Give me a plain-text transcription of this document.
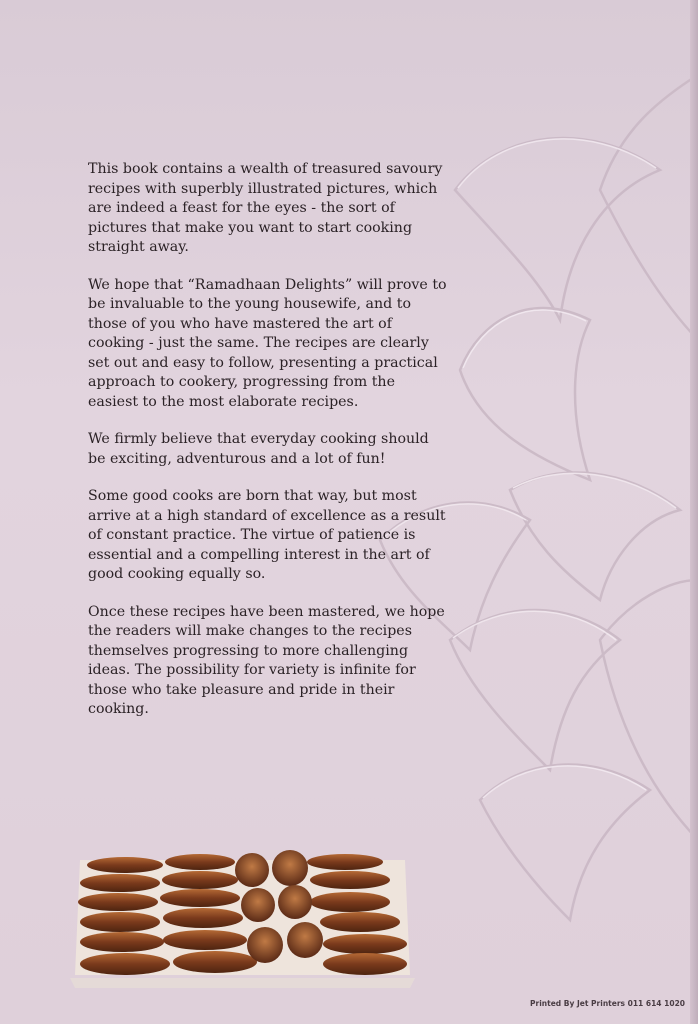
This book contains a wealth of treasured savoury recipes with superbly illustrated pictures, which are indeed a feast for the eyes - the sort of pictures that make you want to start cooking straight away.

We hope that “Ramadhaan Delights” will prove to be invaluable to the young housewife, and to those of you who have mastered the art of cooking - just the same. The recipes are clearly set out and easy to follow, presenting a practical approach to cookery, progressing from the easiest to the most elaborate recipes.

We firmly believe that everyday cooking should be exciting, adventurous and a lot of fun!

Some good cooks are born that way, but most arrive at a high standard of excellence as a result of constant practice. The virtue of patience is essential and a compelling interest in the art of good cooking equally so.

Once these recipes have been mastered, we hope the readers will make changes to the recipes themselves progressing to more challenging ideas. The possibility for variety is infinite for those who take pleasure and pride in their cooking.

Printed By Jet Printers 011 614 1020
